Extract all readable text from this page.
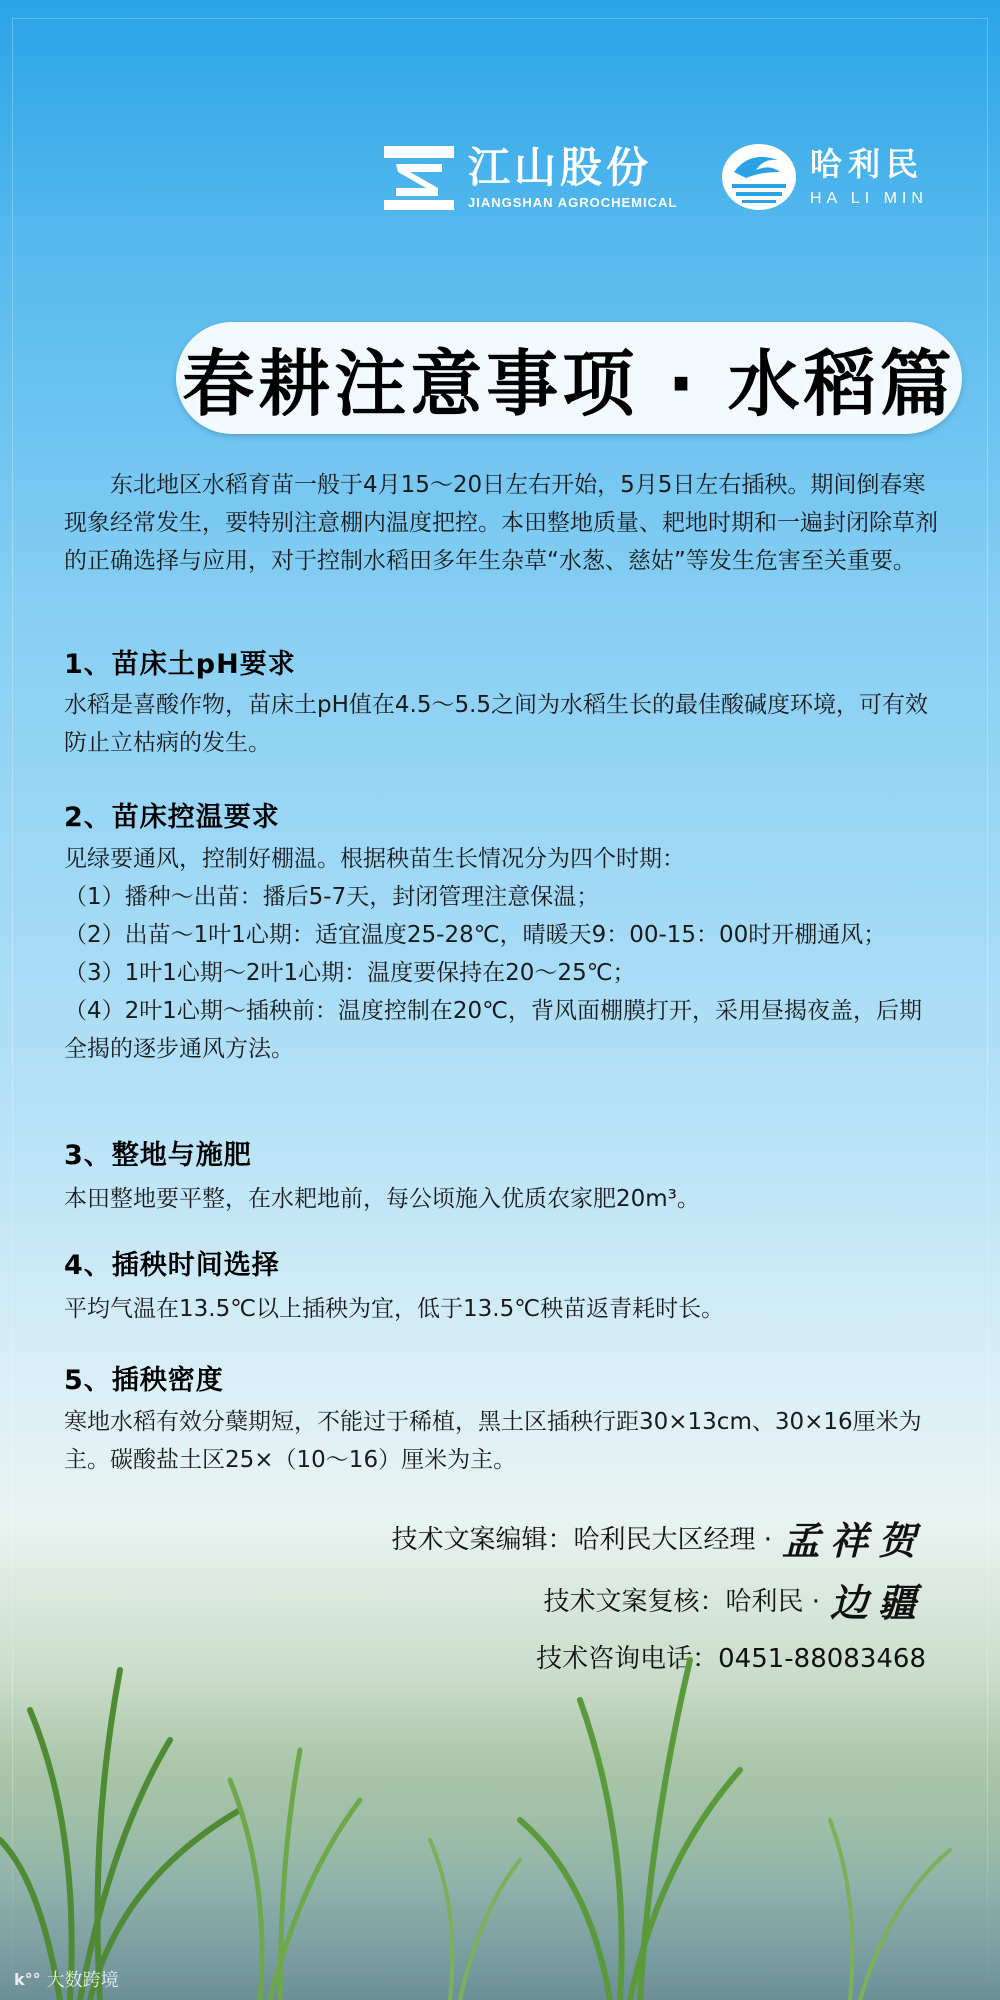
江山股份
JIANGSHAN AGROCHEMICAL
哈利民
HA LI MIN
春耕注意事项 · 水稻篇
东北地区水稻育苗一般于4月15～20日左右开始，5月5日左右插秧。期间倒春寒现象经常发生，要特别注意棚内温度把控。本田整地质量、耙地时期和一遍封闭除草剂的正确选择与应用，对于控制水稻田多年生杂草“水葱、慈姑”等发生危害至关重要。
1、苗床土pH要求

水稻是喜酸作物，苗床土pH值在4.5～5.5之间为水稻生长的最佳酸碱度环境，可有效防止立枯病的发生。

2、苗床控温要求

见绿要通风，控制好棚温。根据秧苗生长情况分为四个时期：

（1）播种～出苗：播后5-7天，封闭管理注意保温；

（2）出苗～1叶1心期：适宜温度25-28℃，晴暖天9：00-15：00时开棚通风；

（3）1叶1心期～2叶1心期：温度要保持在20～25℃；

（4）2叶1心期～插秧前：温度控制在20℃，背风面棚膜打开，采用昼揭夜盖，后期全揭的逐步通风方法。

3、整地与施肥

本田整地要平整，在水耙地前，每公顷施入优质农家肥20m³。

4、插秧时间选择

平均气温在13.5℃以上插秧为宜，低于13.5℃秧苗返青耗时长。

5、插秧密度

寒地水稻有效分蘖期短，不能过于稀植，黑土区插秧行距30×13cm、30×16厘米为主。碳酸盐土区25×（10～16）厘米为主。

技术文案编辑：哈利民大区经理 · 孟祥贺
技术文案复核：哈利民 · 边疆
技术咨询电话：0451-88083468
k°° 大数跨境
